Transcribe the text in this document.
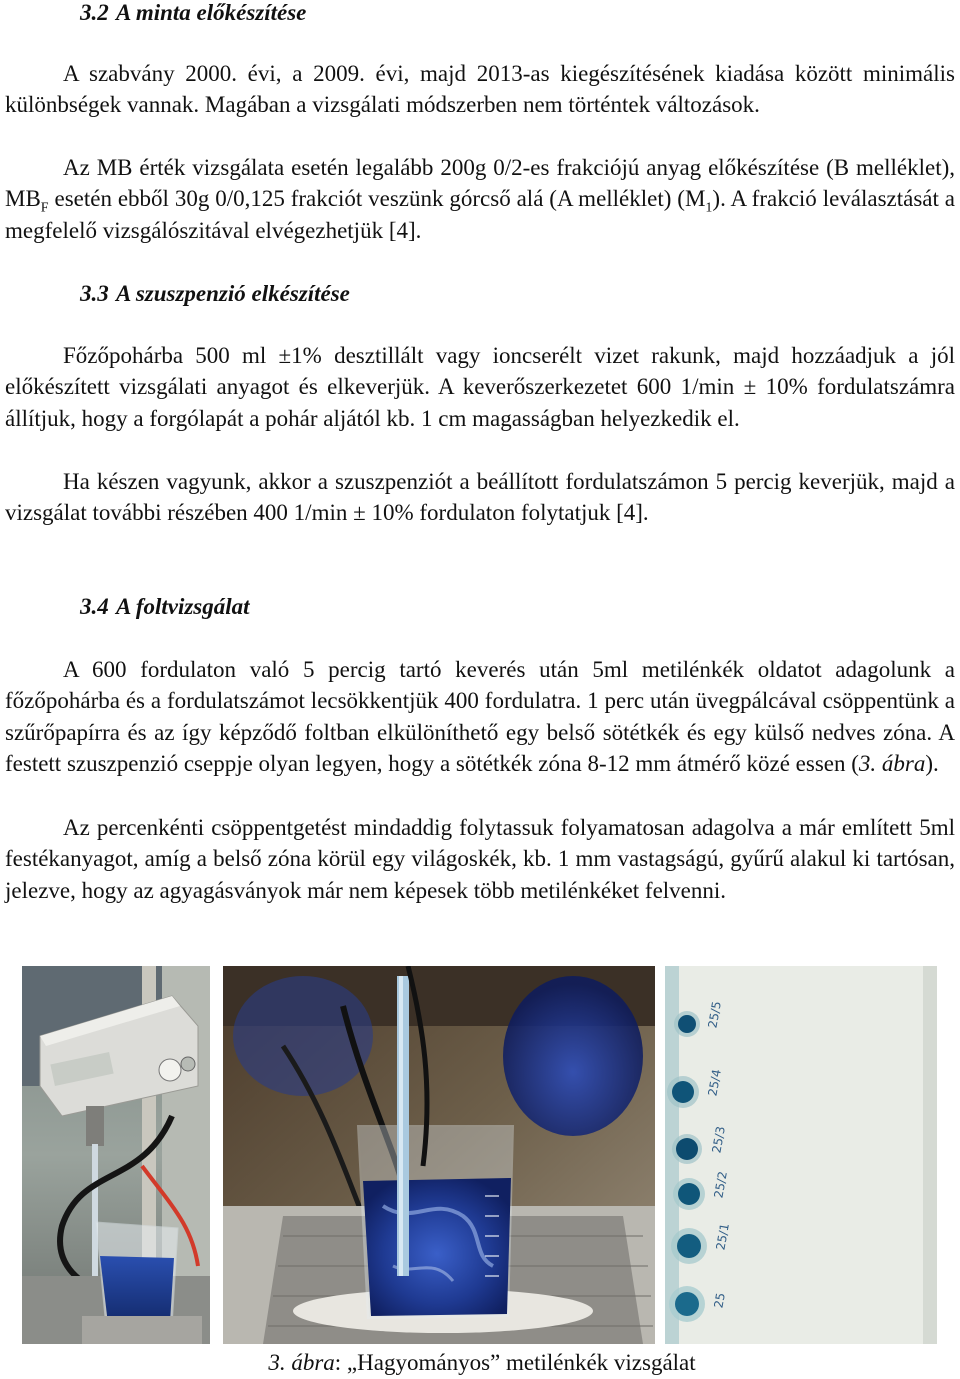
3.2 A minta előkészítése

A szabvány 2000. évi, a 2009. évi, majd 2013-as kiegészítésének kiadása között minimális különbségek vannak. Magában a vizsgálati módszerben nem történtek változások.

Az MB érték vizsgálata esetén legalább 200g 0/2-es frakciójú anyag előkészítése (B melléklet), $MB_F$ esetén ebből 30g 0/0,125 frakciót veszünk górcső alá (A melléklet) $(M_1)$. A frakció leválasztását a megfelelő vizsgálószitával elvégezhetjük [4].

3.3 A szuszpenzió elkészítése

Főzőpohárba 500 ml ±1% desztillált vagy ioncserélt vizet rakunk, majd hozzáadjuk a jól előkészített vizsgálati anyagot és elkeverjük. A keverőszerkezetet 600 1/min ± 10% fordulatszámra állítjuk, hogy a forgólapát a pohár aljától kb. 1 cm magasságban helyezkedik el.

Ha készen vagyunk, akkor a szuszpenziót a beállított fordulatszámon 5 percig keverjük, majd a vizsgálat további részében 400 1/min ± 10% fordulaton folytatjuk [4].

3.4 A foltvizsgálat

A 600 fordulaton való 5 percig tartó keverés után 5ml metilénkék oldatot adagolunk a főzőpohárba és a fordulatszámot lecsökkentjük 400 fordulatra. 1 perc után üvegpálcával csöppentünk a szűrőpapírra és az így képződő foltban elkülöníthető egy belső sötétkék és egy külső nedves zóna. A festett szuszpenzió cseppje olyan legyen, hogy a sötétkék zóna 8-12 mm átmérő közé essen (3. ábra).

Az percenkénti csöppentgetést mindaddig folytassuk folyamatosan adagolva a már említett 5ml festékanyagot, amíg a belső zóna körül egy világoskék, kb. 1 mm vastagságú, gyűrű alakul ki tartósan, jelezve, hogy az agyagásványok már nem képesek több metilénkéket felvenni.

25/5
25/4
25/3
25/2
25/1
25
3. ábra: „Hagyományos” metilénkék vizsgálat
